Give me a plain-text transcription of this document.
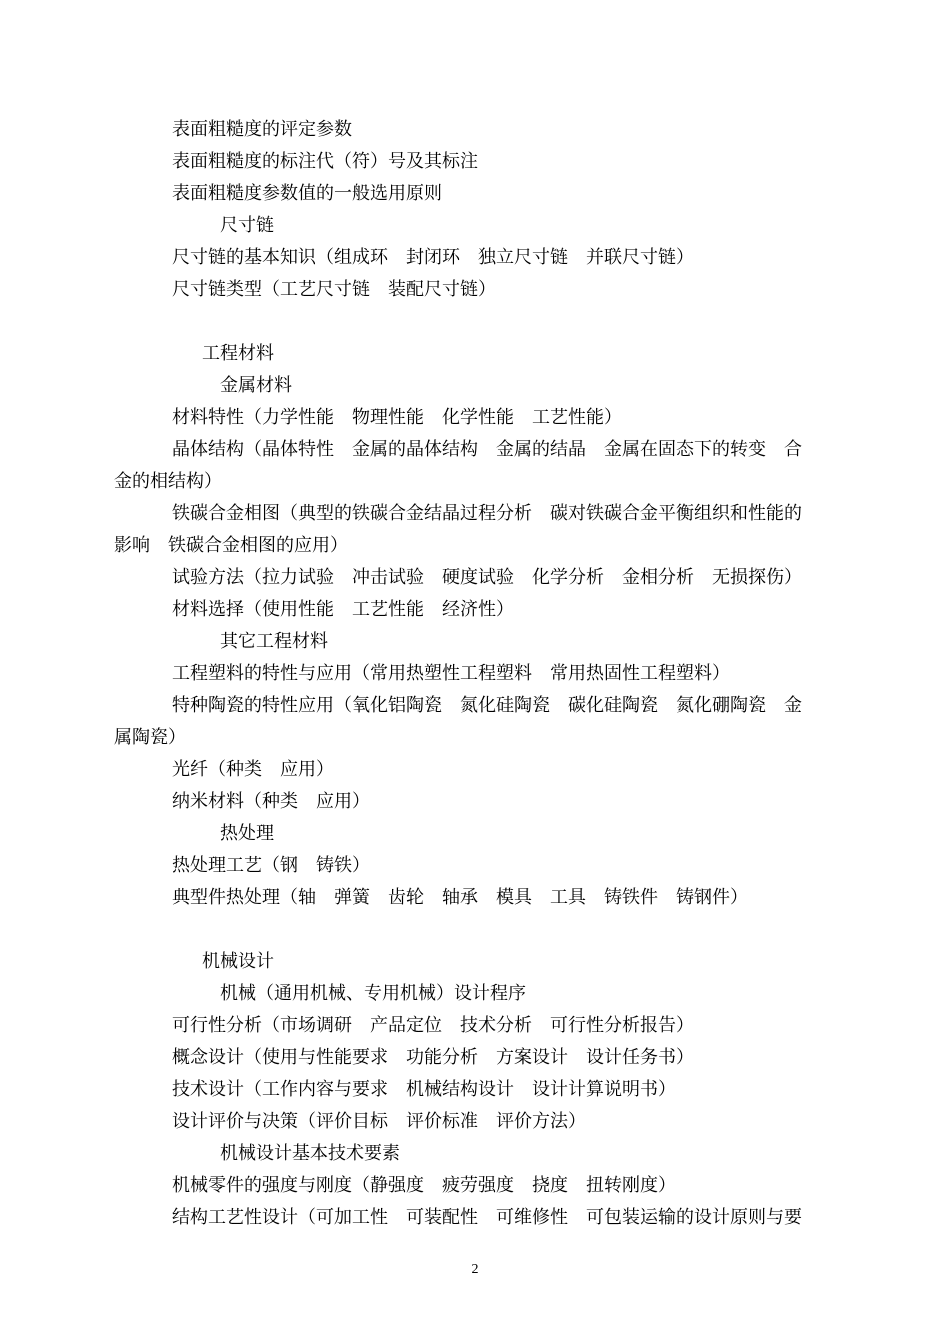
表面粗糙度的评定参数
表面粗糙度的标注代（符）号及其标注
表面粗糙度参数值的一般选用原则
尺寸链
尺寸链的基本知识（组成环　封闭环　独立尺寸链　并联尺寸链）
尺寸链类型（工艺尺寸链　装配尺寸链）
工程材料
金属材料
材料特性（力学性能　物理性能　化学性能　工艺性能）
晶体结构（晶体特性　金属的晶体结构　金属的结晶　金属在固态下的转变　合
金的相结构）
铁碳合金相图（典型的铁碳合金结晶过程分析　碳对铁碳合金平衡组织和性能的
影响　铁碳合金相图的应用）
试验方法（拉力试验　冲击试验　硬度试验　化学分析　金相分析　无损探伤）
材料选择（使用性能　工艺性能　经济性）
其它工程材料
工程塑料的特性与应用（常用热塑性工程塑料　常用热固性工程塑料）
特种陶瓷的特性应用（氧化铝陶瓷　氮化硅陶瓷　碳化硅陶瓷　氮化硼陶瓷　金
属陶瓷）
光纤（种类　应用）
纳米材料（种类　应用）
热处理
热处理工艺（钢　铸铁）
典型件热处理（轴　弹簧　齿轮　轴承　模具　工具　铸铁件　铸钢件）
机械设计
机械（通用机械、专用机械）设计程序
可行性分析（市场调研　产品定位　技术分析　可行性分析报告）
概念设计（使用与性能要求　功能分析　方案设计　设计任务书）
技术设计（工作内容与要求　机械结构设计　设计计算说明书）
设计评价与决策（评价目标　评价标准　评价方法）
机械设计基本技术要素
机械零件的强度与刚度（静强度　疲劳强度　挠度　扭转刚度）
结构工艺性设计（可加工性　可装配性　可维修性　可包装运输的设计原则与要
2
